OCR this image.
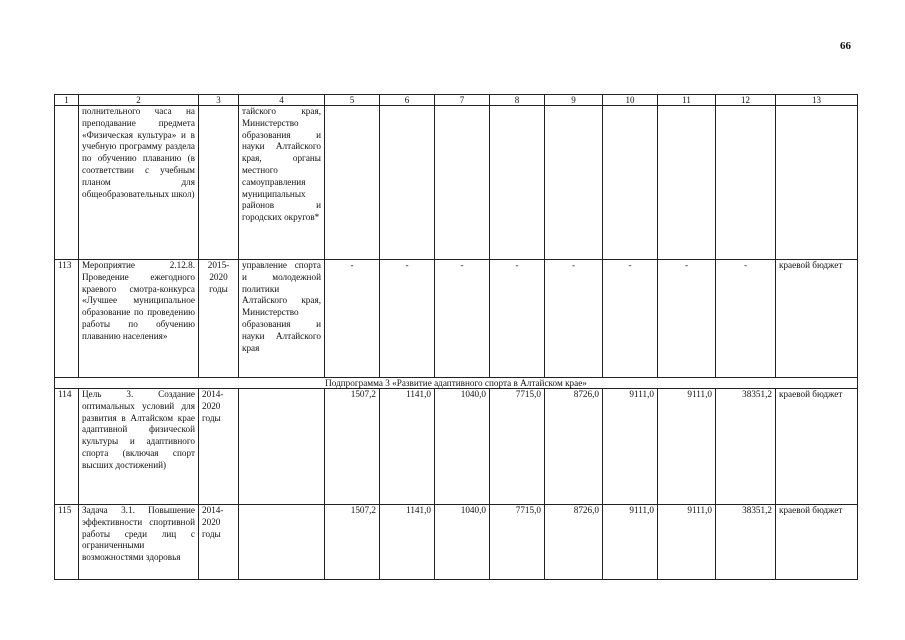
66
1	2	3	4	5	6	7	8	9	10	11	12	13
	полнительного часа на преподавание предмета «Физическая культура» и в учебную программу раздела по обучению плаванию (в соответствии с учебным планом для общеобразовательных школ)		тайского края, Министерство образования и науки Алтайского края, органы местного самоуправления муниципальных районов и городских округов*									
113	Мероприятие 2.12.8. Проведение ежегодного краевого смотра-конкурса «Лучшее муниципальное образование по проведению работы по обучению плаванию населения»	2015-2020 годы	управление спорта и молодежной политики Алтайского края, Министерство образования и науки Алтайского края	-	-	-	-	-	-	-	-	краевой бюджет
Подпрограмма 3 «Развитие адаптивного спорта в Алтайском крае»												
114	Цель 3. Создание оптимальных условий для развития в Алтайском крае адаптивной физической культуры и адаптивного спорта (включая спорт высших достижений)	2014-2020 годы		1507,2	1141,0	1040,0	7715,0	8726,0	9111,0	9111,0	38351,2	краевой бюджет
115	Задача 3.1. Повышение эффективности спортивной работы среди лиц с ограниченными возможностями здоровья	2014-2020 годы		1507,2	1141,0	1040,0	7715,0	8726,0	9111,0	9111,0	38351,2	краевой бюджет
